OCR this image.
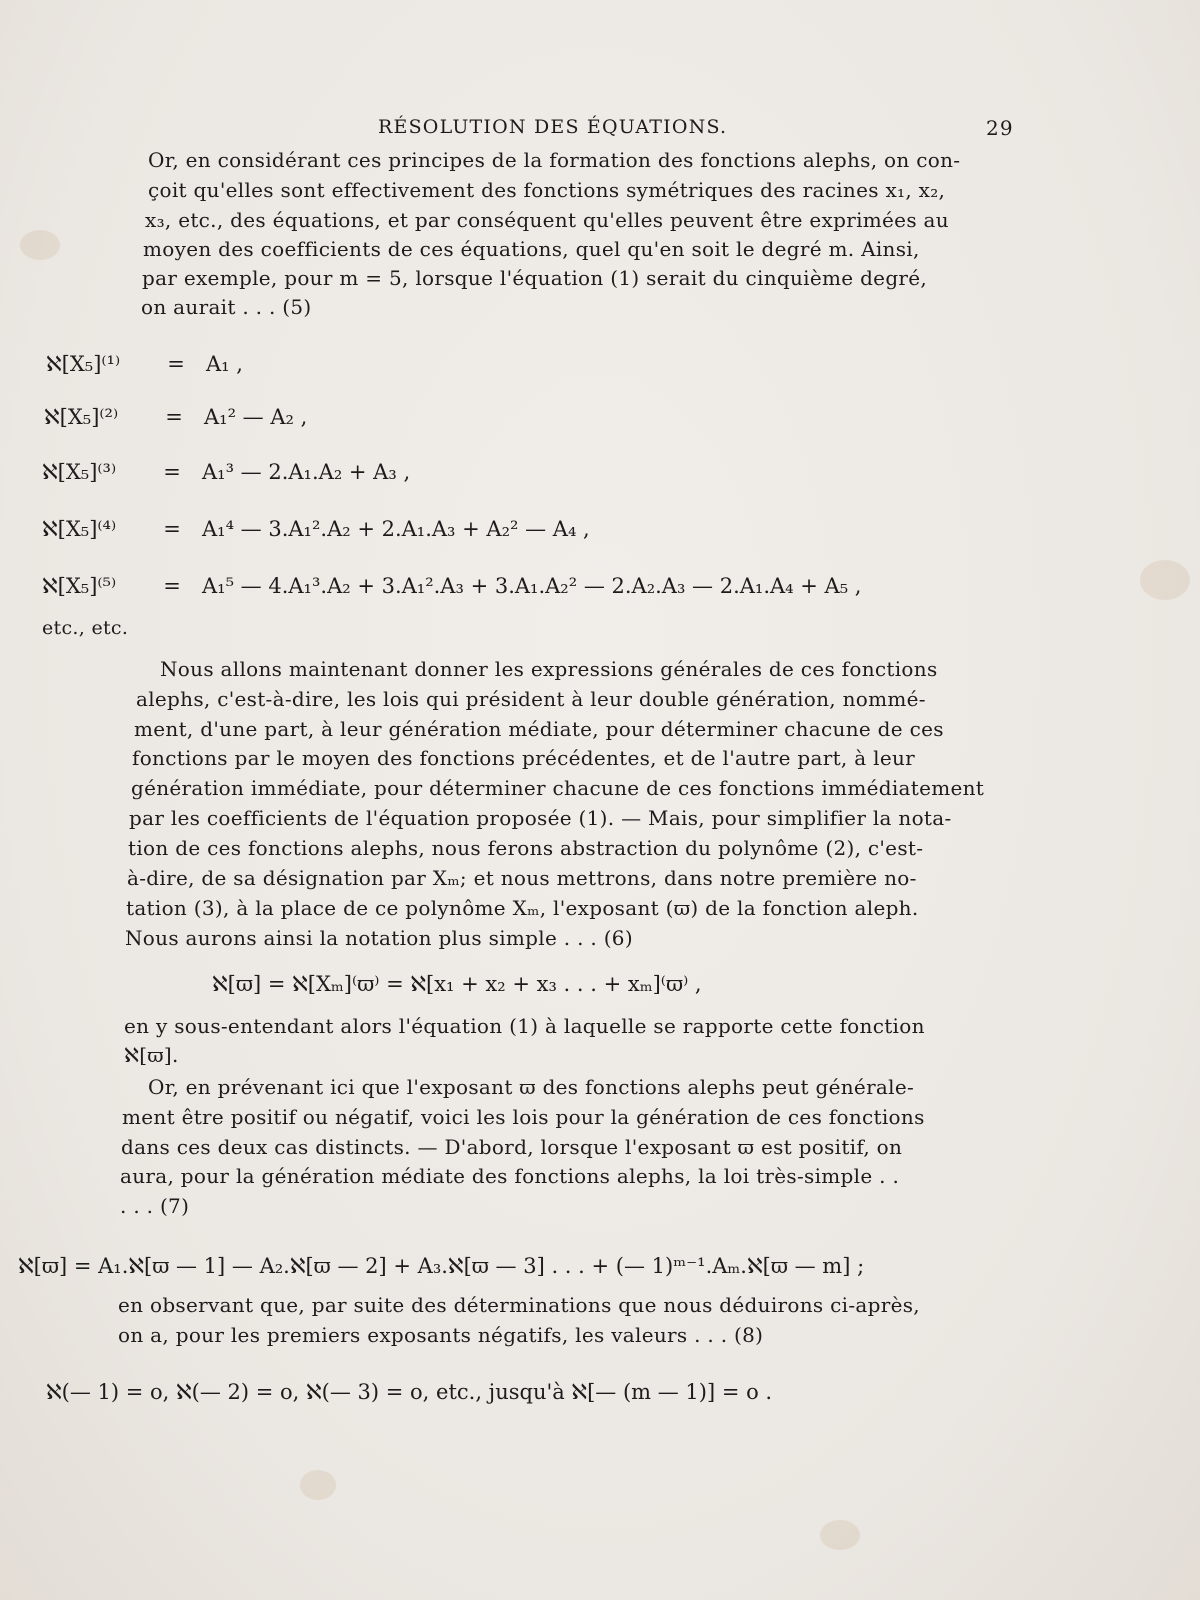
RÉSOLUTION DES ÉQUATIONS.	29
Or, en considérant ces principes de la formation des fonctions alephs, on con-
çoit qu'elles sont effectivement des fonctions symétriques des racines x₁, x₂,
x₃, etc., des équations, et par conséquent qu'elles peuvent être exprimées au
moyen des coefficients de ces équations, quel qu'en soit le degré m. Ainsi,
par exemple, pour m = 5, lorsque l'équation (1) serait du cinquième degré,
on aurait . . . (5)
ℵ[X₅]⁽¹⁾ = A₁ ,
ℵ[X₅]⁽²⁾ = A₁² — A₂ ,
ℵ[X₅]⁽³⁾ = A₁³ — 2.A₁.A₂ + A₃ ,
ℵ[X₅]⁽⁴⁾ = A₁⁴ — 3.A₁².A₂ + 2.A₁.A₃ + A₂² — A₄ ,
ℵ[X₅]⁽⁵⁾ = A₁⁵ — 4.A₁³.A₂ + 3.A₁².A₃ + 3.A₁.A₂² — 2.A₂.A₃ — 2.A₁.A₄ + A₅ ,
etc., etc.
Nous allons maintenant donner les expressions générales de ces fonctions
alephs, c'est-à-dire, les lois qui président à leur double génération, nommé-
ment, d'une part, à leur génération médiate, pour déterminer chacune de ces
fonctions par le moyen des fonctions précédentes, et de l'autre part, à leur
génération immédiate, pour déterminer chacune de ces fonctions immédiatement
par les coefficients de l'équation proposée (1). — Mais, pour simplifier la nota-
tion de ces fonctions alephs, nous ferons abstraction du polynôme (2), c'est-
à-dire, de sa désignation par Xₘ; et nous mettrons, dans notre première no-
tation (3), à la place de ce polynôme Xₘ, l'exposant (ϖ) de la fonction aleph.
Nous aurons ainsi la notation plus simple . . . (6)
ℵ[ϖ] = ℵ[Xₘ]⁽ϖ⁾ = ℵ[x₁ + x₂ + x₃ . . . + xₘ]⁽ϖ⁾ ,
en y sous-entendant alors l'équation (1) à laquelle se rapporte cette fonction
ℵ[ϖ].
Or, en prévenant ici que l'exposant ϖ des fonctions alephs peut générale-
ment être positif ou négatif, voici les lois pour la génération de ces fonctions
dans ces deux cas distincts. — D'abord, lorsque l'exposant ϖ est positif, on
aura, pour la génération médiate des fonctions alephs, la loi très-simple . .
. . . (7)
ℵ[ϖ] = A₁.ℵ[ϖ — 1] — A₂.ℵ[ϖ — 2] + A₃.ℵ[ϖ — 3] . . . + (— 1)ᵐ⁻¹.Aₘ.ℵ[ϖ — m] ;
en observant que, par suite des déterminations que nous déduirons ci-après,
on a, pour les premiers exposants négatifs, les valeurs . . . (8)
ℵ(— 1) = o, ℵ(— 2) = o, ℵ(— 3) = o, etc., jusqu'à ℵ[— (m — 1)] = o .
